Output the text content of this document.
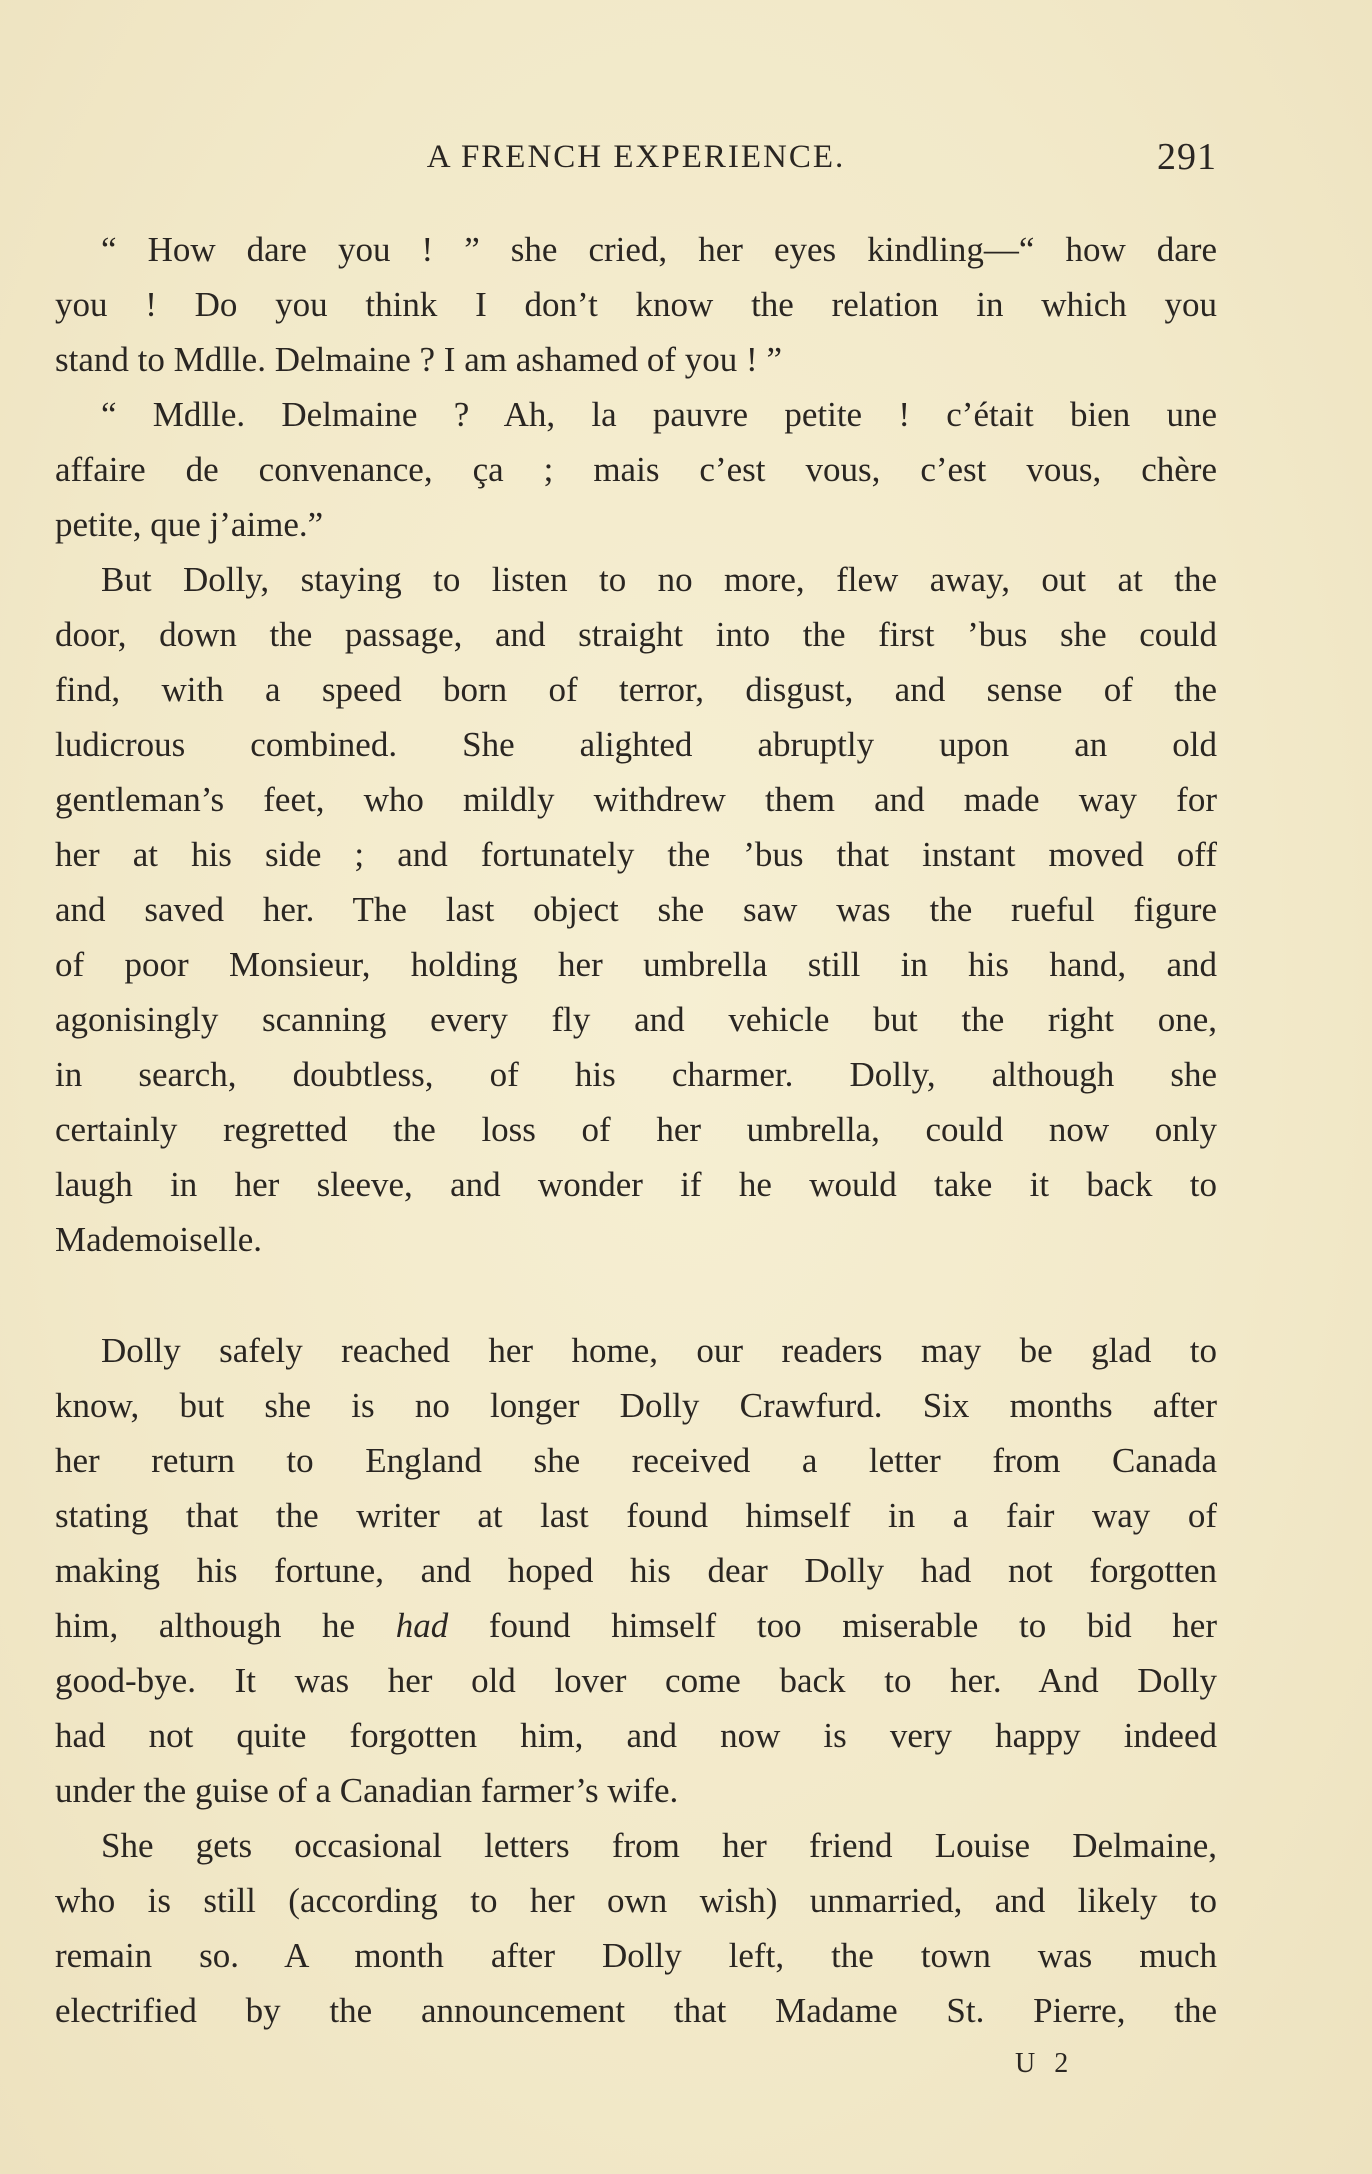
A FRENCH EXPERIENCE.	291
“ How dare you ! ” she cried, her eyes kindling—“ how dare
you ! Do you think I don’t know the relation in which you
stand to Mdlle. Delmaine ? I am ashamed of you ! ”
“ Mdlle. Delmaine ? Ah, la pauvre petite ! c’était bien une
affaire de convenance, ça ; mais c’est vous, c’est vous, chère
petite, que j’aime.”
But Dolly, staying to listen to no more, flew away, out at the
door, down the passage, and straight into the first ’bus she could
find, with a speed born of terror, disgust, and sense of the
ludicrous combined. She alighted abruptly upon an old
gentleman’s feet, who mildly withdrew them and made way for
her at his side ; and fortunately the ’bus that instant moved off
and saved her. The last object she saw was the rueful figure
of poor Monsieur, holding her umbrella still in his hand, and
agonisingly scanning every fly and vehicle but the right one,
in search, doubtless, of his charmer. Dolly, although she
certainly regretted the loss of her umbrella, could now only
laugh in her sleeve, and wonder if he would take it back to
Mademoiselle.
Dolly safely reached her home, our readers may be glad to
know, but she is no longer Dolly Crawfurd. Six months after
her return to England she received a letter from Canada
stating that the writer at last found himself in a fair way of
making his fortune, and hoped his dear Dolly had not forgotten
him, although he had found himself too miserable to bid her
good-bye. It was her old lover come back to her. And Dolly
had not quite forgotten him, and now is very happy indeed
under the guise of a Canadian farmer’s wife.
She gets occasional letters from her friend Louise Delmaine,
who is still (according to her own wish) unmarried, and likely to
remain so. A month after Dolly left, the town was much
electrified by the announcement that Madame St. Pierre, the
U 2
